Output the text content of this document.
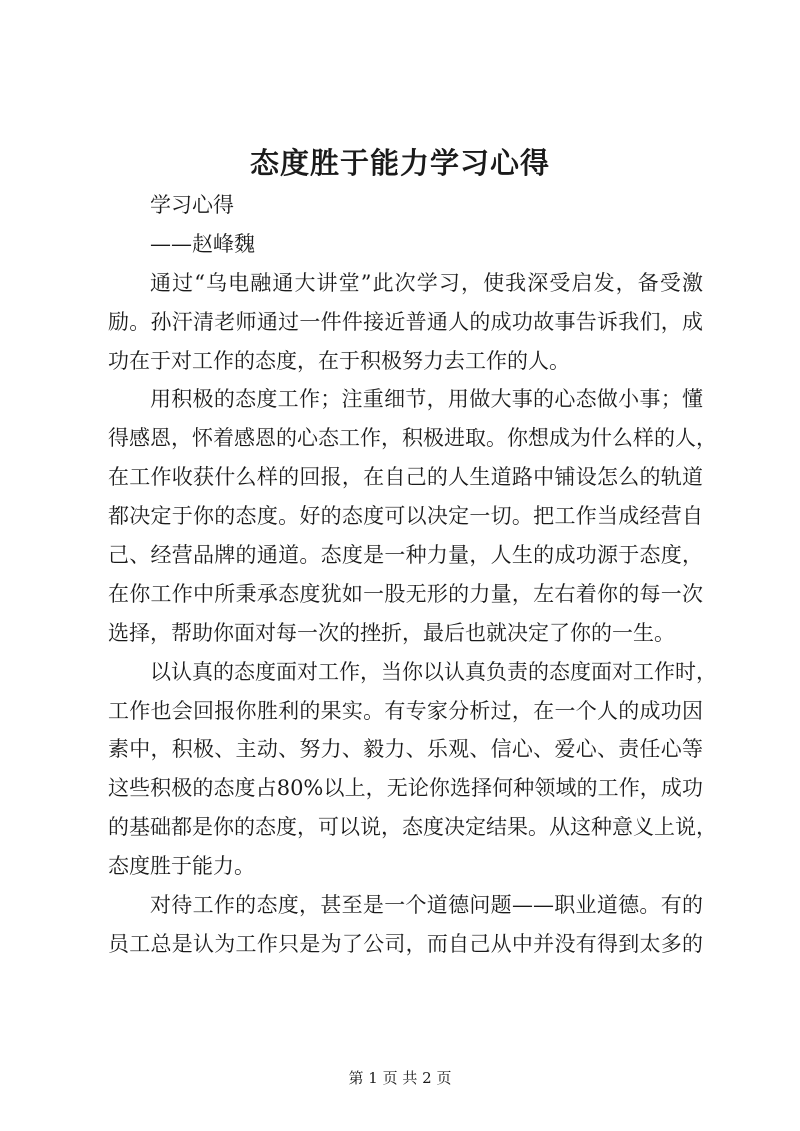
态度胜于能力学习心得
学习心得
——赵峰魏
通过“乌电融通大讲堂”此次学习，使我深受启发，备受激
励。孙汗清老师通过一件件接近普通人的成功故事告诉我们，成
功在于对工作的态度，在于积极努力去工作的人。
用积极的态度工作；注重细节，用做大事的心态做小事；懂
得感恩，怀着感恩的心态工作，积极进取。你想成为什么样的人，
在工作收获什么样的回报，在自己的人生道路中铺设怎么的轨道
都决定于你的态度。好的态度可以决定一切。把工作当成经营自
己、经营品牌的通道。态度是一种力量，人生的成功源于态度，
在你工作中所秉承态度犹如一股无形的力量，左右着你的每一次
选择，帮助你面对每一次的挫折，最后也就决定了你的一生。
以认真的态度面对工作，当你以认真负责的态度面对工作时，
工作也会回报你胜利的果实。有专家分析过，在一个人的成功因
素中，积极、主动、努力、毅力、乐观、信心、爱心、责任心等
这些积极的态度占80%以上，无论你选择何种领域的工作，成功
的基础都是你的态度，可以说，态度决定结果。从这种意义上说，
态度胜于能力。
对待工作的态度，甚至是一个道德问题——职业道德。有的
员工总是认为工作只是为了公司，而自己从中并没有得到太多的
第 1 页 共 2 页
